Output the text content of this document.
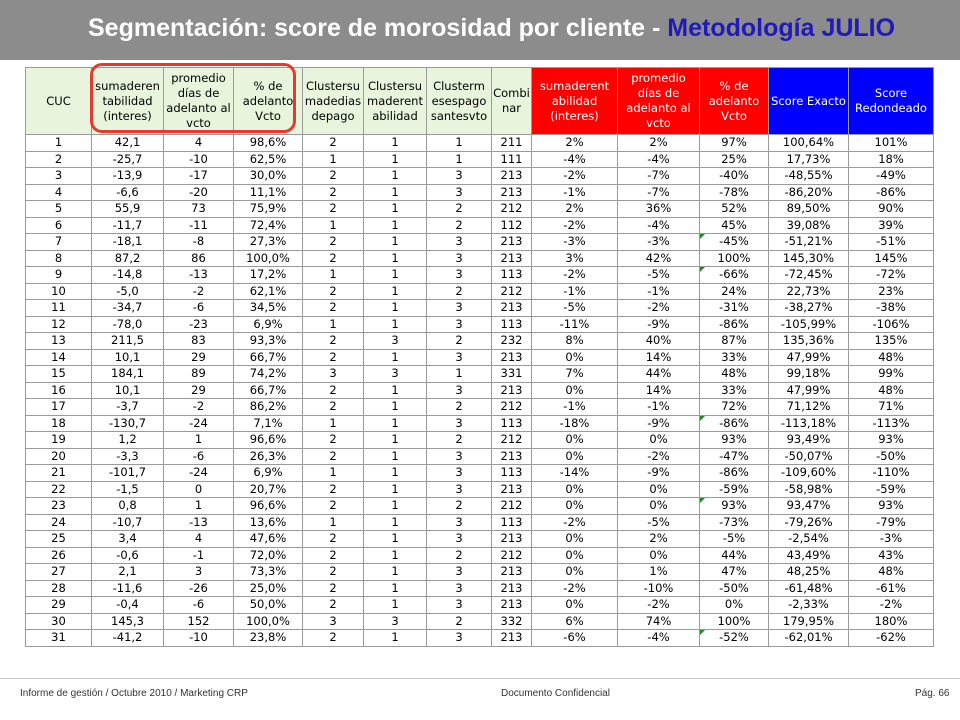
Segmentación: score de morosidad por cliente - Metodología JULIO
CUC	sumaderen tabilidad (interes)	promedio días de adelanto al vcto	% de adelanto Vcto	Clustersu madedias depago	Clustersu maderent abilidad	Clusterm esespago santesvto	Combi nar	sumaderent abilidad (interes)	promedio días de adelanto al vcto	% de adelanto Vcto	Score Exacto	Score Redondeado
1	42,1	4	98,6%	2	1	1	211	2%	2%	97%	100,64%	101%
2	-25,7	-10	62,5%	1	1	1	111	-4%	-4%	25%	17,73%	18%
3	-13,9	-17	30,0%	2	1	3	213	-2%	-7%	-40%	-48,55%	-49%
4	-6,6	-20	11,1%	2	1	3	213	-1%	-7%	-78%	-86,20%	-86%
5	55,9	73	75,9%	2	1	2	212	2%	36%	52%	89,50%	90%
6	-11,7	-11	72,4%	1	1	2	112	-2%	-4%	45%	39,08%	39%
7	-18,1	-8	27,3%	2	1	3	213	-3%	-3%	-45%	-51,21%	-51%
8	87,2	86	100,0%	2	1	3	213	3%	42%	100%	145,30%	145%
9	-14,8	-13	17,2%	1	1	3	113	-2%	-5%	-66%	-72,45%	-72%
10	-5,0	-2	62,1%	2	1	2	212	-1%	-1%	24%	22,73%	23%
11	-34,7	-6	34,5%	2	1	3	213	-5%	-2%	-31%	-38,27%	-38%
12	-78,0	-23	6,9%	1	1	3	113	-11%	-9%	-86%	-105,99%	-106%
13	211,5	83	93,3%	2	3	2	232	8%	40%	87%	135,36%	135%
14	10,1	29	66,7%	2	1	3	213	0%	14%	33%	47,99%	48%
15	184,1	89	74,2%	3	3	1	331	7%	44%	48%	99,18%	99%
16	10,1	29	66,7%	2	1	3	213	0%	14%	33%	47,99%	48%
17	-3,7	-2	86,2%	2	1	2	212	-1%	-1%	72%	71,12%	71%
18	-130,7	-24	7,1%	1	1	3	113	-18%	-9%	-86%	-113,18%	-113%
19	1,2	1	96,6%	2	1	2	212	0%	0%	93%	93,49%	93%
20	-3,3	-6	26,3%	2	1	3	213	0%	-2%	-47%	-50,07%	-50%
21	-101,7	-24	6,9%	1	1	3	113	-14%	-9%	-86%	-109,60%	-110%
22	-1,5	0	20,7%	2	1	3	213	0%	0%	-59%	-58,98%	-59%
23	0,8	1	96,6%	2	1	2	212	0%	0%	93%	93,47%	93%
24	-10,7	-13	13,6%	1	1	3	113	-2%	-5%	-73%	-79,26%	-79%
25	3,4	4	47,6%	2	1	3	213	0%	2%	-5%	-2,54%	-3%
26	-0,6	-1	72,0%	2	1	2	212	0%	0%	44%	43,49%	43%
27	2,1	3	73,3%	2	1	3	213	0%	1%	47%	48,25%	48%
28	-11,6	-26	25,0%	2	1	3	213	-2%	-10%	-50%	-61,48%	-61%
29	-0,4	-6	50,0%	2	1	3	213	0%	-2%	0%	-2,33%	-2%
30	145,3	152	100,0%	3	3	2	332	6%	74%	100%	179,95%	180%
31	-41,2	-10	23,8%	2	1	3	213	-6%	-4%	-52%	-62,01%	-62%
Informe de gestión / Octubre 2010 / Marketing CRP	Documento Confidencial	Pág. 66
